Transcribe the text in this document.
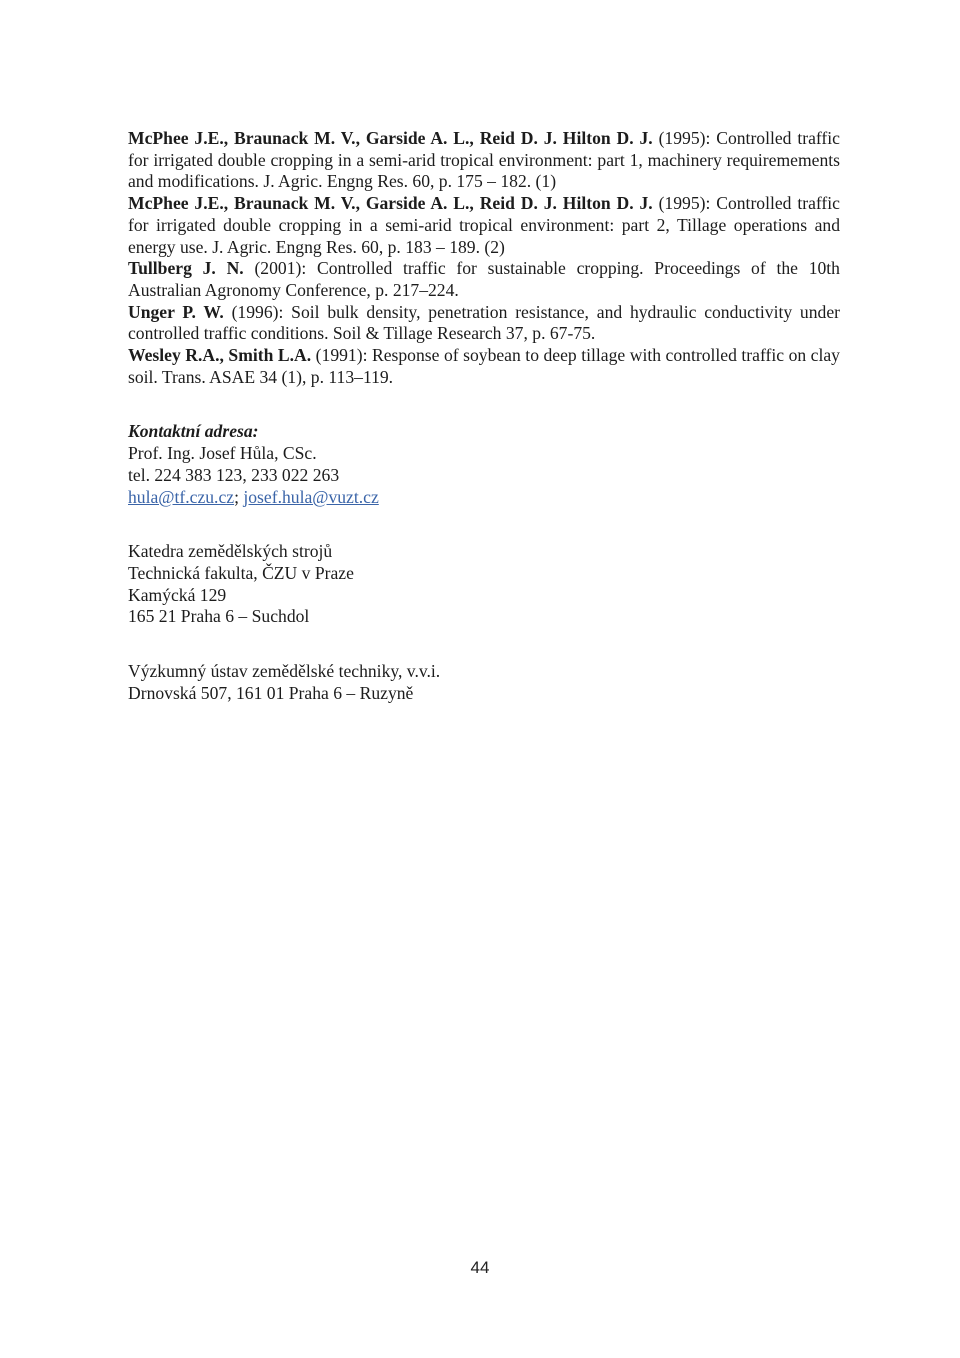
McPhee J.E., Braunack M. V., Garside A. L., Reid D. J. Hilton D. J. (1995): Controlled traffic for irrigated double cropping in a semi-arid tropical environment: part 1, machinery requiremements and modifications. J. Agric. Engng Res. 60, p. 175 – 182. (1)

McPhee J.E., Braunack M. V., Garside A. L., Reid D. J. Hilton D. J. (1995): Controlled traffic for irrigated double cropping in a semi-arid tropical environment: part 2, Tillage operations and energy use. J. Agric. Engng Res. 60, p. 183 – 189. (2)

Tullberg J. N. (2001): Controlled traffic for sustainable cropping. Proceedings of the 10th Australian Agronomy Conference, p. 217–224.

Unger P. W. (1996): Soil bulk density, penetration resistance, and hydraulic conductivity under controlled traffic conditions. Soil & Tillage Research 37, p. 67-75.

Wesley R.A., Smith L.A. (1991): Response of soybean to deep tillage with controlled traffic on clay soil. Trans. ASAE 34 (1), p. 113–119.

Kontaktní adresa:

Prof. Ing. Josef Hůla, CSc.

tel. 224 383 123, 233 022 263

hula@tf.czu.cz; josef.hula@vuzt.cz

Katedra zemědělských strojů

Technická fakulta, ČZU v Praze

Kamýcká 129

165 21 Praha 6 – Suchdol

Výzkumný ústav zemědělské techniky, v.v.i.

Drnovská 507, 161 01 Praha 6 – Ruzyně

44
